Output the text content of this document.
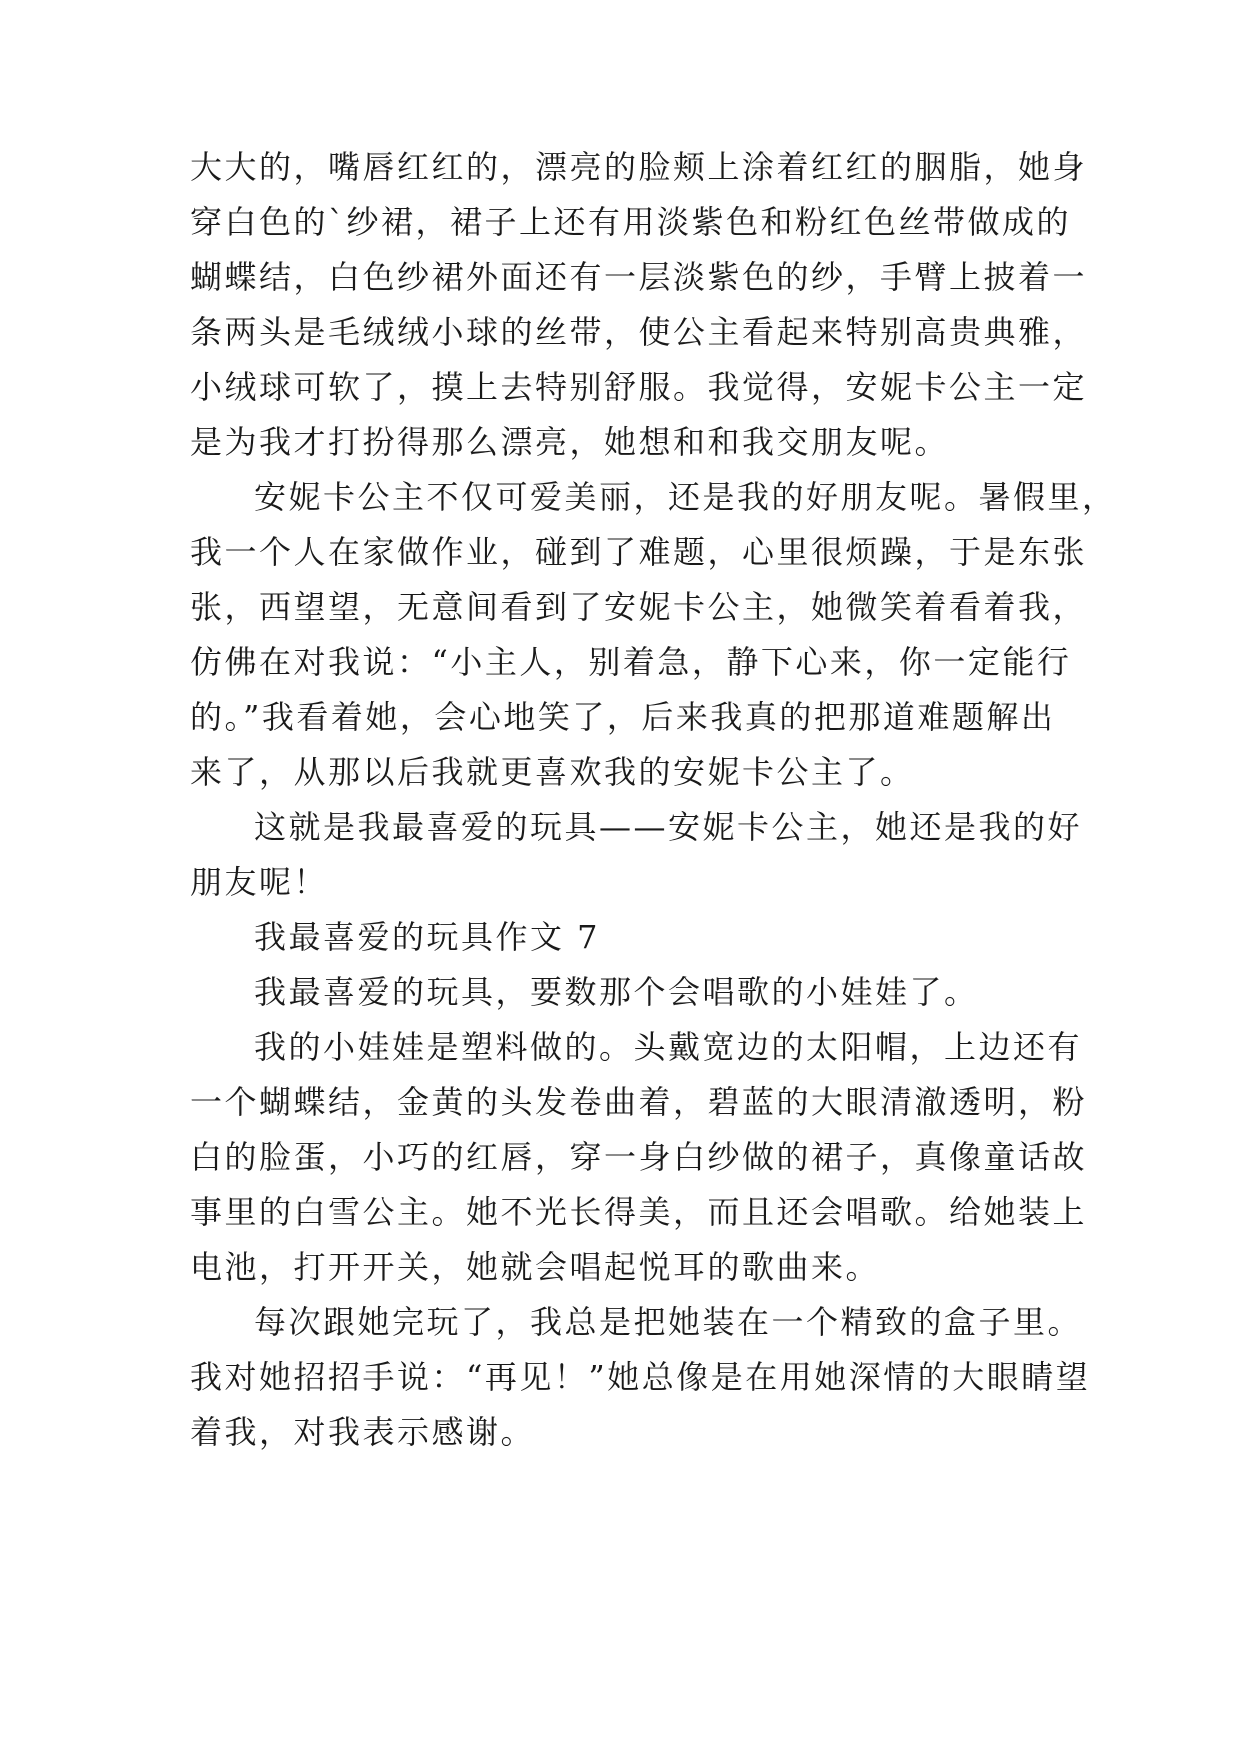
大大的，嘴唇红红的，漂亮的脸颊上涂着红红的胭脂，她身
穿白色的`纱裙，裙子上还有用淡紫色和粉红色丝带做成的
蝴蝶结，白色纱裙外面还有一层淡紫色的纱，手臂上披着一
条两头是毛绒绒小球的丝带，使公主看起来特别高贵典雅，
小绒球可软了，摸上去特别舒服。我觉得，安妮卡公主一定
是为我才打扮得那么漂亮，她想和和我交朋友呢。
安妮卡公主不仅可爱美丽，还是我的好朋友呢。暑假里，
我一个人在家做作业，碰到了难题，心里很烦躁，于是东张
张，西望望，无意间看到了安妮卡公主，她微笑着看着我，
仿佛在对我说：“小主人，别着急，静下心来，你一定能行
的。”我看着她，会心地笑了，后来我真的把那道难题解出
来了，从那以后我就更喜欢我的安妮卡公主了。
这就是我最喜爱的玩具——安妮卡公主，她还是我的好
朋友呢！
我最喜爱的玩具作文 7
我最喜爱的玩具，要数那个会唱歌的小娃娃了。
我的小娃娃是塑料做的。头戴宽边的太阳帽，上边还有
一个蝴蝶结，金黄的头发卷曲着，碧蓝的大眼清澈透明，粉
白的脸蛋，小巧的红唇，穿一身白纱做的裙子，真像童话故
事里的白雪公主。她不光长得美，而且还会唱歌。给她装上
电池，打开开关，她就会唱起悦耳的歌曲来。
每次跟她完玩了，我总是把她装在一个精致的盒子里。
我对她招招手说：“再见！”她总像是在用她深情的大眼睛望
着我，对我表示感谢。
